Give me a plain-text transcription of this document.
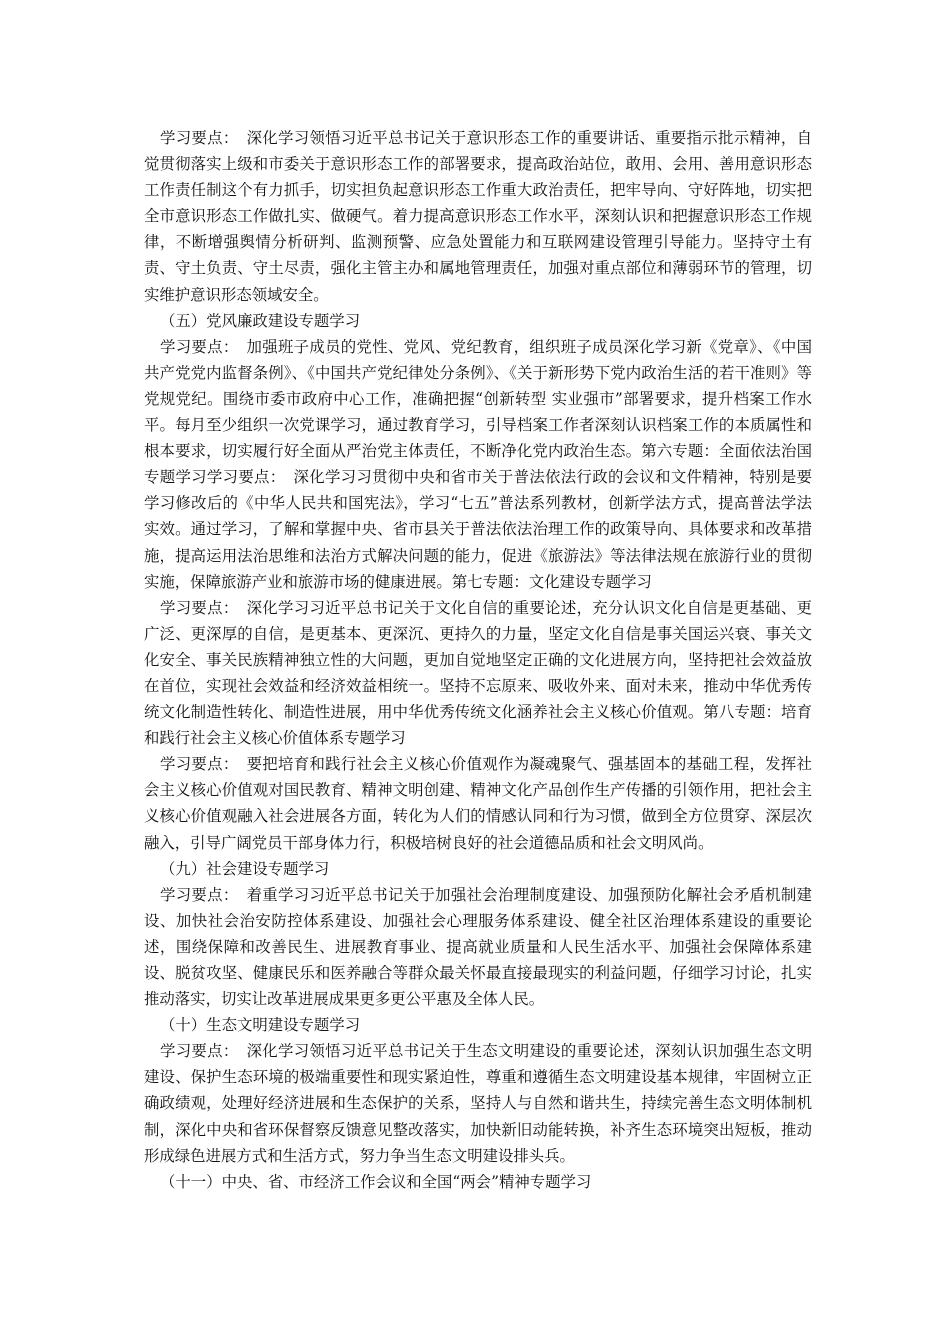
学习要点：　深化学习领悟习近平总书记关于意识形态工作的重要讲话、重要指示批示精神，自觉贯彻落实上级和市委关于意识形态工作的部署要求，提高政治站位，敢用、会用、善用意识形态工作责任制这个有力抓手，切实担负起意识形态工作重大政治责任，把牢导向、守好阵地，切实把全市意识形态工作做扎实、做硬气。着力提高意识形态工作水平，深刻认识和把握意识形态工作规律，不断增强舆情分析研判、监测预警、应急处置能力和互联网建设管理引导能力。坚持守土有责、守土负责、守土尽责，强化主管主办和属地管理责任，加强对重点部位和薄弱环节的管理，切实维护意识形态领域安全。

（五）党风廉政建设专题学习

学习要点：　加强班子成员的党性、党风、党纪教育，组织班子成员深化学习新《党章》、《中国共产党党内监督条例》、《中国共产党纪律处分条例》、《关于新形势下党内政治生活的若干准则》等党规党纪。围绕市委市政府中心工作，准确把握“创新转型 实业强市”部署要求，提升档案工作水平。每月至少组织一次党课学习，通过教育学习，引导档案工作者深刻认识档案工作的本质属性和根本要求，切实履行好全面从严治党主体责任，不断净化党内政治生态。第六专题：全面依法治国专题学习学习要点：　深化学习习贯彻中央和省市关于普法依法行政的会议和文件精神，特别是要学习修改后的《中华人民共和国宪法》，学习“七五”普法系列教材，创新学法方式，提高普法学法实效。通过学习，了解和掌握中央、省市县关于普法依法治理工作的政策导向、具体要求和改革措施，提高运用法治思维和法治方式解决问题的能力，促进《旅游法》等法律法规在旅游行业的贯彻实施，保障旅游产业和旅游市场的健康进展。第七专题：文化建设专题学习

学习要点：　深化学习习近平总书记关于文化自信的重要论述，充分认识文化自信是更基础、更广泛、更深厚的自信，是更基本、更深沉、更持久的力量，坚定文化自信是事关国运兴衰、事关文化安全、事关民族精神独立性的大问题，更加自觉地坚定正确的文化进展方向，坚持把社会效益放在首位，实现社会效益和经济效益相统一。坚持不忘原来、吸收外来、面对未来，推动中华优秀传统文化制造性转化、制造性进展，用中华优秀传统文化涵养社会主义核心价值观。第八专题：培育和践行社会主义核心价值体系专题学习

学习要点：　要把培育和践行社会主义核心价值观作为凝魂聚气、强基固本的基础工程，发挥社会主义核心价值观对国民教育、精神文明创建、精神文化产品创作生产传播的引领作用，把社会主义核心价值观融入社会进展各方面，转化为人们的情感认同和行为习惯，做到全方位贯穿、深层次融入，引导广阔党员干部身体力行，积极培树良好的社会道德品质和社会文明风尚。

（九）社会建设专题学习

学习要点：　着重学习习近平总书记关于加强社会治理制度建设、加强预防化解社会矛盾机制建设、加快社会治安防控体系建设、加强社会心理服务体系建设、健全社区治理体系建设的重要论述，围绕保障和改善民生、进展教育事业、提高就业质量和人民生活水平、加强社会保障体系建设、脱贫攻坚、健康民乐和医养融合等群众最关怀最直接最现实的利益问题，仔细学习讨论，扎实推动落实，切实让改革进展成果更多更公平惠及全体人民。

（十）生态文明建设专题学习

学习要点：　深化学习领悟习近平总书记关于生态文明建设的重要论述，深刻认识加强生态文明建设、保护生态环境的极端重要性和现实紧迫性，尊重和遵循生态文明建设基本规律，牢固树立正确政绩观，处理好经济进展和生态保护的关系，坚持人与自然和谐共生，持续完善生态文明体制机制，深化中央和省环保督察反馈意见整改落实，加快新旧动能转换，补齐生态环境突出短板，推动形成绿色进展方式和生活方式，努力争当生态文明建设排头兵。

（十一）中央、省、市经济工作会议和全国“两会”精神专题学习
